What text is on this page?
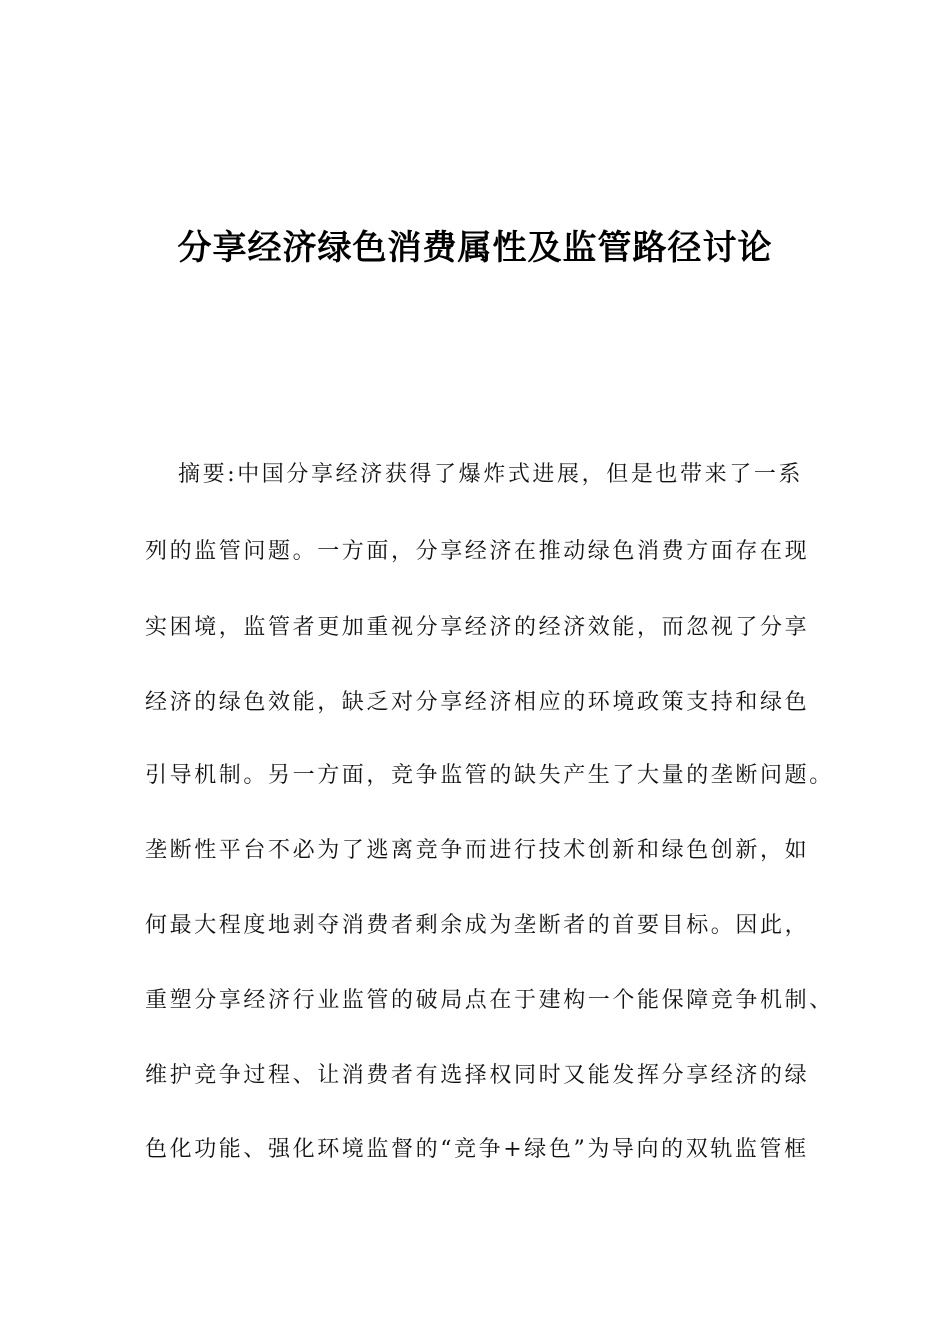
分享经济绿色消费属性及监管路径讨论
摘要:中国分享经济获得了爆炸式进展，但是也带来了一系
列的监管问题。一方面，分享经济在推动绿色消费方面存在现
实困境，监管者更加重视分享经济的经济效能，而忽视了分享
经济的绿色效能，缺乏对分享经济相应的环境政策支持和绿色
引导机制。另一方面，竞争监管的缺失产生了大量的垄断问题。
垄断性平台不必为了逃离竞争而进行技术创新和绿色创新，如
何最大程度地剥夺消费者剩余成为垄断者的首要目标。因此，
重塑分享经济行业监管的破局点在于建构一个能保障竞争机制、
维护竞争过程、让消费者有选择权同时又能发挥分享经济的绿
色化功能、强化环境监督的“竞争+绿色”为导向的双轨监管框
